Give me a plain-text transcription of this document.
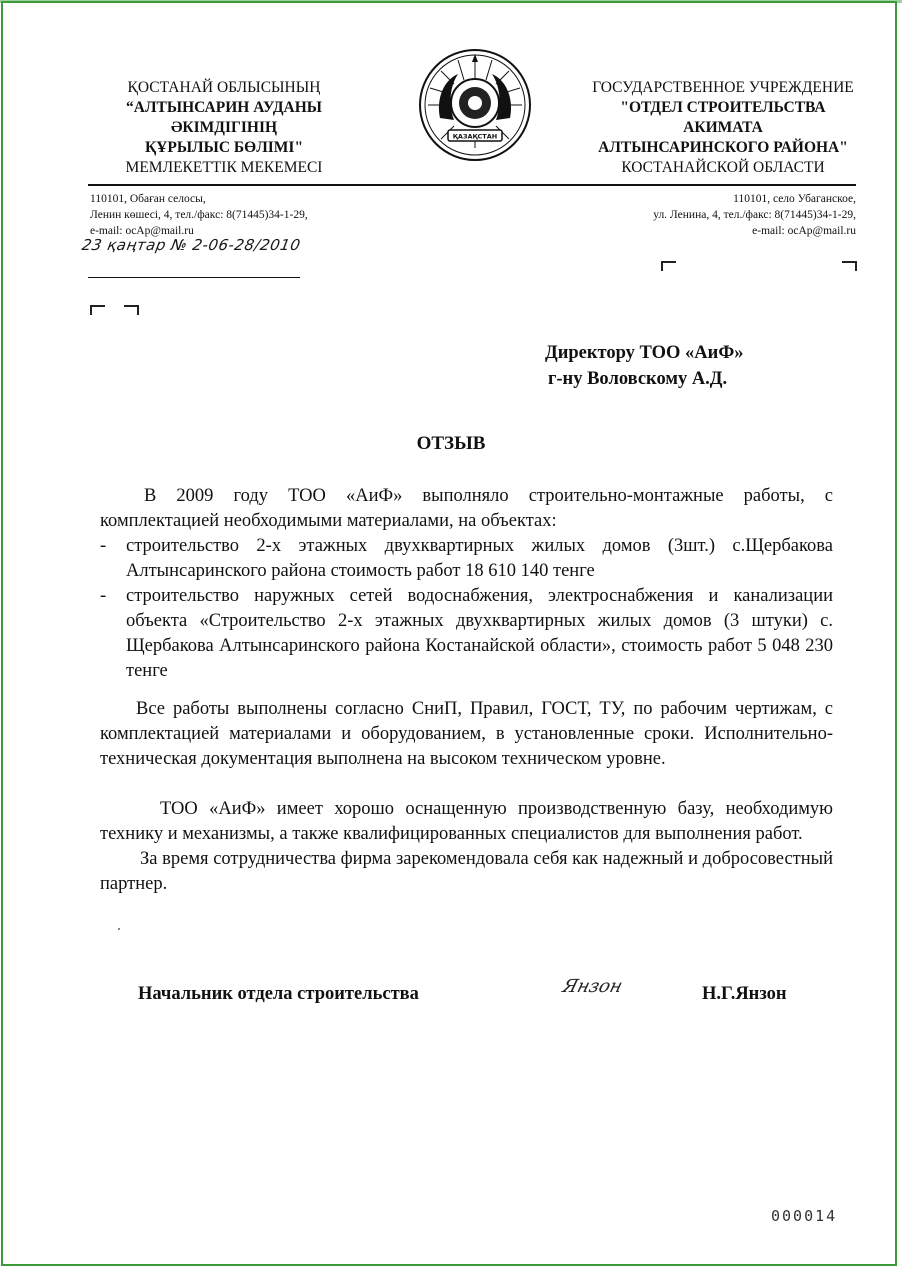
ҚОСТАНАЙ ОБЛЫСЫНЫҢ
“АЛТЫНСАРИН АУДАНЫ
ӘКІМДІГІНІҢ
ҚҰРЫЛЫС БӨЛІМІ"
МЕМЛЕКЕТТІК МЕКЕМЕСІ
ҚАЗАҚСТАН
ГОСУДАРСТВЕННОЕ УЧРЕЖДЕНИЕ
"ОТДЕЛ СТРОИТЕЛЬСТВА
АКИМАТА
АЛТЫНСАРИНСКОГО РАЙОНА"
КОСТАНАЙСКОЙ ОБЛАСТИ
110101, Обаған селосы,
Ленин көшесі, 4, тел./факс: 8(71445)34-1-29,
e-mail: ocAp@mail.ru
110101, село Убаганское,
ул. Ленина, 4, тел./факс: 8(71445)34-1-29,
e-mail: ocAp@mail.ru
23 қаңтар № 2-06-28/2010
Директору ТОО «АиФ»
г-ну Воловскому А.Д.
ОТЗЫВ

В 2009 году ТОО «АиФ» выполняло строительно-монтажные работы, с комплектацией необходимыми материалами, на объектах:

- строительство 2-х этажных двухквартирных жилых домов (3шт.) с.Щербакова Алтынсаринского района стоимость работ 18 610 140 тенге
- строительство наружных сетей водоснабжения, электроснабжения и канализации объекта «Строительство 2-х этажных двухквартирных жилых домов (3 штуки) с. Щербакова Алтынсаринского района Костанайской области», стоимость работ 5 048 230 тенге

Все работы выполнены согласно СниП, Правил, ГОСТ, ТУ, по рабочим чертижам, с комплектацией материалами и оборудованием, в установленные сроки. Исполнительно-техническая документация выполнена на высоком техническом уровне.

ТОО «АиФ» имеет хорошо оснащенную производственную базу, необходимую технику и механизмы, а также квалифицированных специалистов для выполнения работ.

За время сотрудничества фирма зарекомендовала себя как надежный и добросовестный партнер.

Начальник отдела строительства	Янзон	Н.Г.Янзон
000014
